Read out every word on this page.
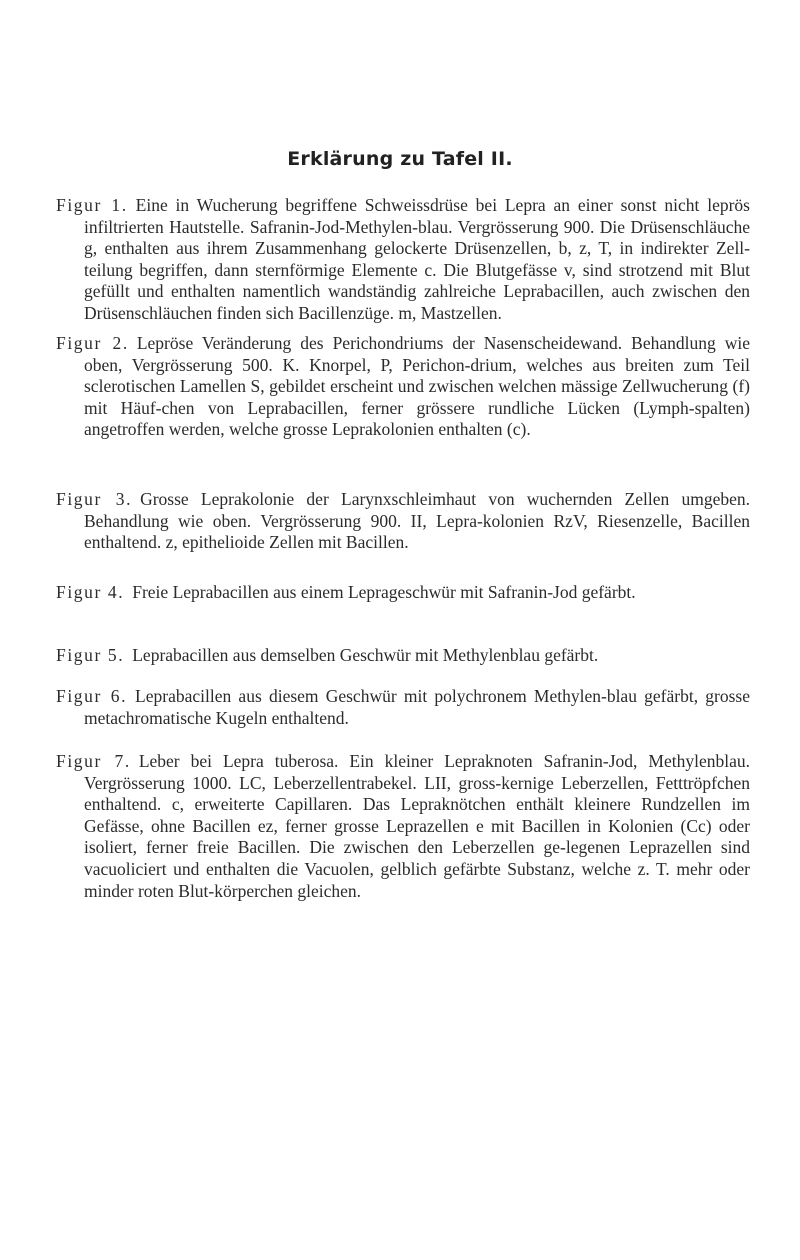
Erklärung zu Tafel II.

Figur 1. Eine in Wucherung begriffene Schweissdrüse bei Lepra an einer sonst nicht leprös infiltrierten Hautstelle. Safranin-Jod-Methylen-blau. Vergrösserung 900. Die Drüsenschläuche g, enthalten aus ihrem Zusammenhang gelockerte Drüsenzellen, b, z, T, in indirekter Zell-teilung begriffen, dann sternförmige Elemente c. Die Blutgefässe v, sind strotzend mit Blut gefüllt und enthalten namentlich wandständig zahlreiche Leprabacillen, auch zwischen den Drüsenschläuchen finden sich Bacillenzüge. m, Mastzellen.

Figur 2. Lepröse Veränderung des Perichondriums der Nasenscheidewand. Behandlung wie oben, Vergrösserung 500. K. Knorpel, P, Perichon-drium, welches aus breiten zum Teil sclerotischen Lamellen S, gebildet erscheint und zwischen welchen mässige Zellwucherung (f) mit Häuf-chen von Leprabacillen, ferner grössere rundliche Lücken (Lymph-spalten) angetroffen werden, welche grosse Leprakolonien enthalten (c).

Figur 3. Grosse Leprakolonie der Larynxschleimhaut von wuchernden Zellen umgeben. Behandlung wie oben. Vergrösserung 900. II, Lepra-kolonien RzV, Riesenzelle, Bacillen enthaltend. z, epithelioide Zellen mit Bacillen.

Figur 4. Freie Leprabacillen aus einem Leprageschwür mit Safranin-Jod gefärbt.

Figur 5. Leprabacillen aus demselben Geschwür mit Methylenblau gefärbt.

Figur 6. Leprabacillen aus diesem Geschwür mit polychronem Methylen-blau gefärbt, grosse metachromatische Kugeln enthaltend.

Figur 7. Leber bei Lepra tuberosa. Ein kleiner Lepraknoten Safranin-Jod, Methylenblau. Vergrösserung 1000. LC, Leberzellentrabekel. LII, gross-kernige Leberzellen, Fetttröpfchen enthaltend. c, erweiterte Capillaren. Das Lepraknötchen enthält kleinere Rundzellen im Gefässe, ohne Bacillen ez, ferner grosse Leprazellen e mit Bacillen in Kolonien (Cc) oder isoliert, ferner freie Bacillen. Die zwischen den Leberzellen ge-legenen Leprazellen sind vacuoliciert und enthalten die Vacuolen, gelblich gefärbte Substanz, welche z. T. mehr oder minder roten Blut-körperchen gleichen.
